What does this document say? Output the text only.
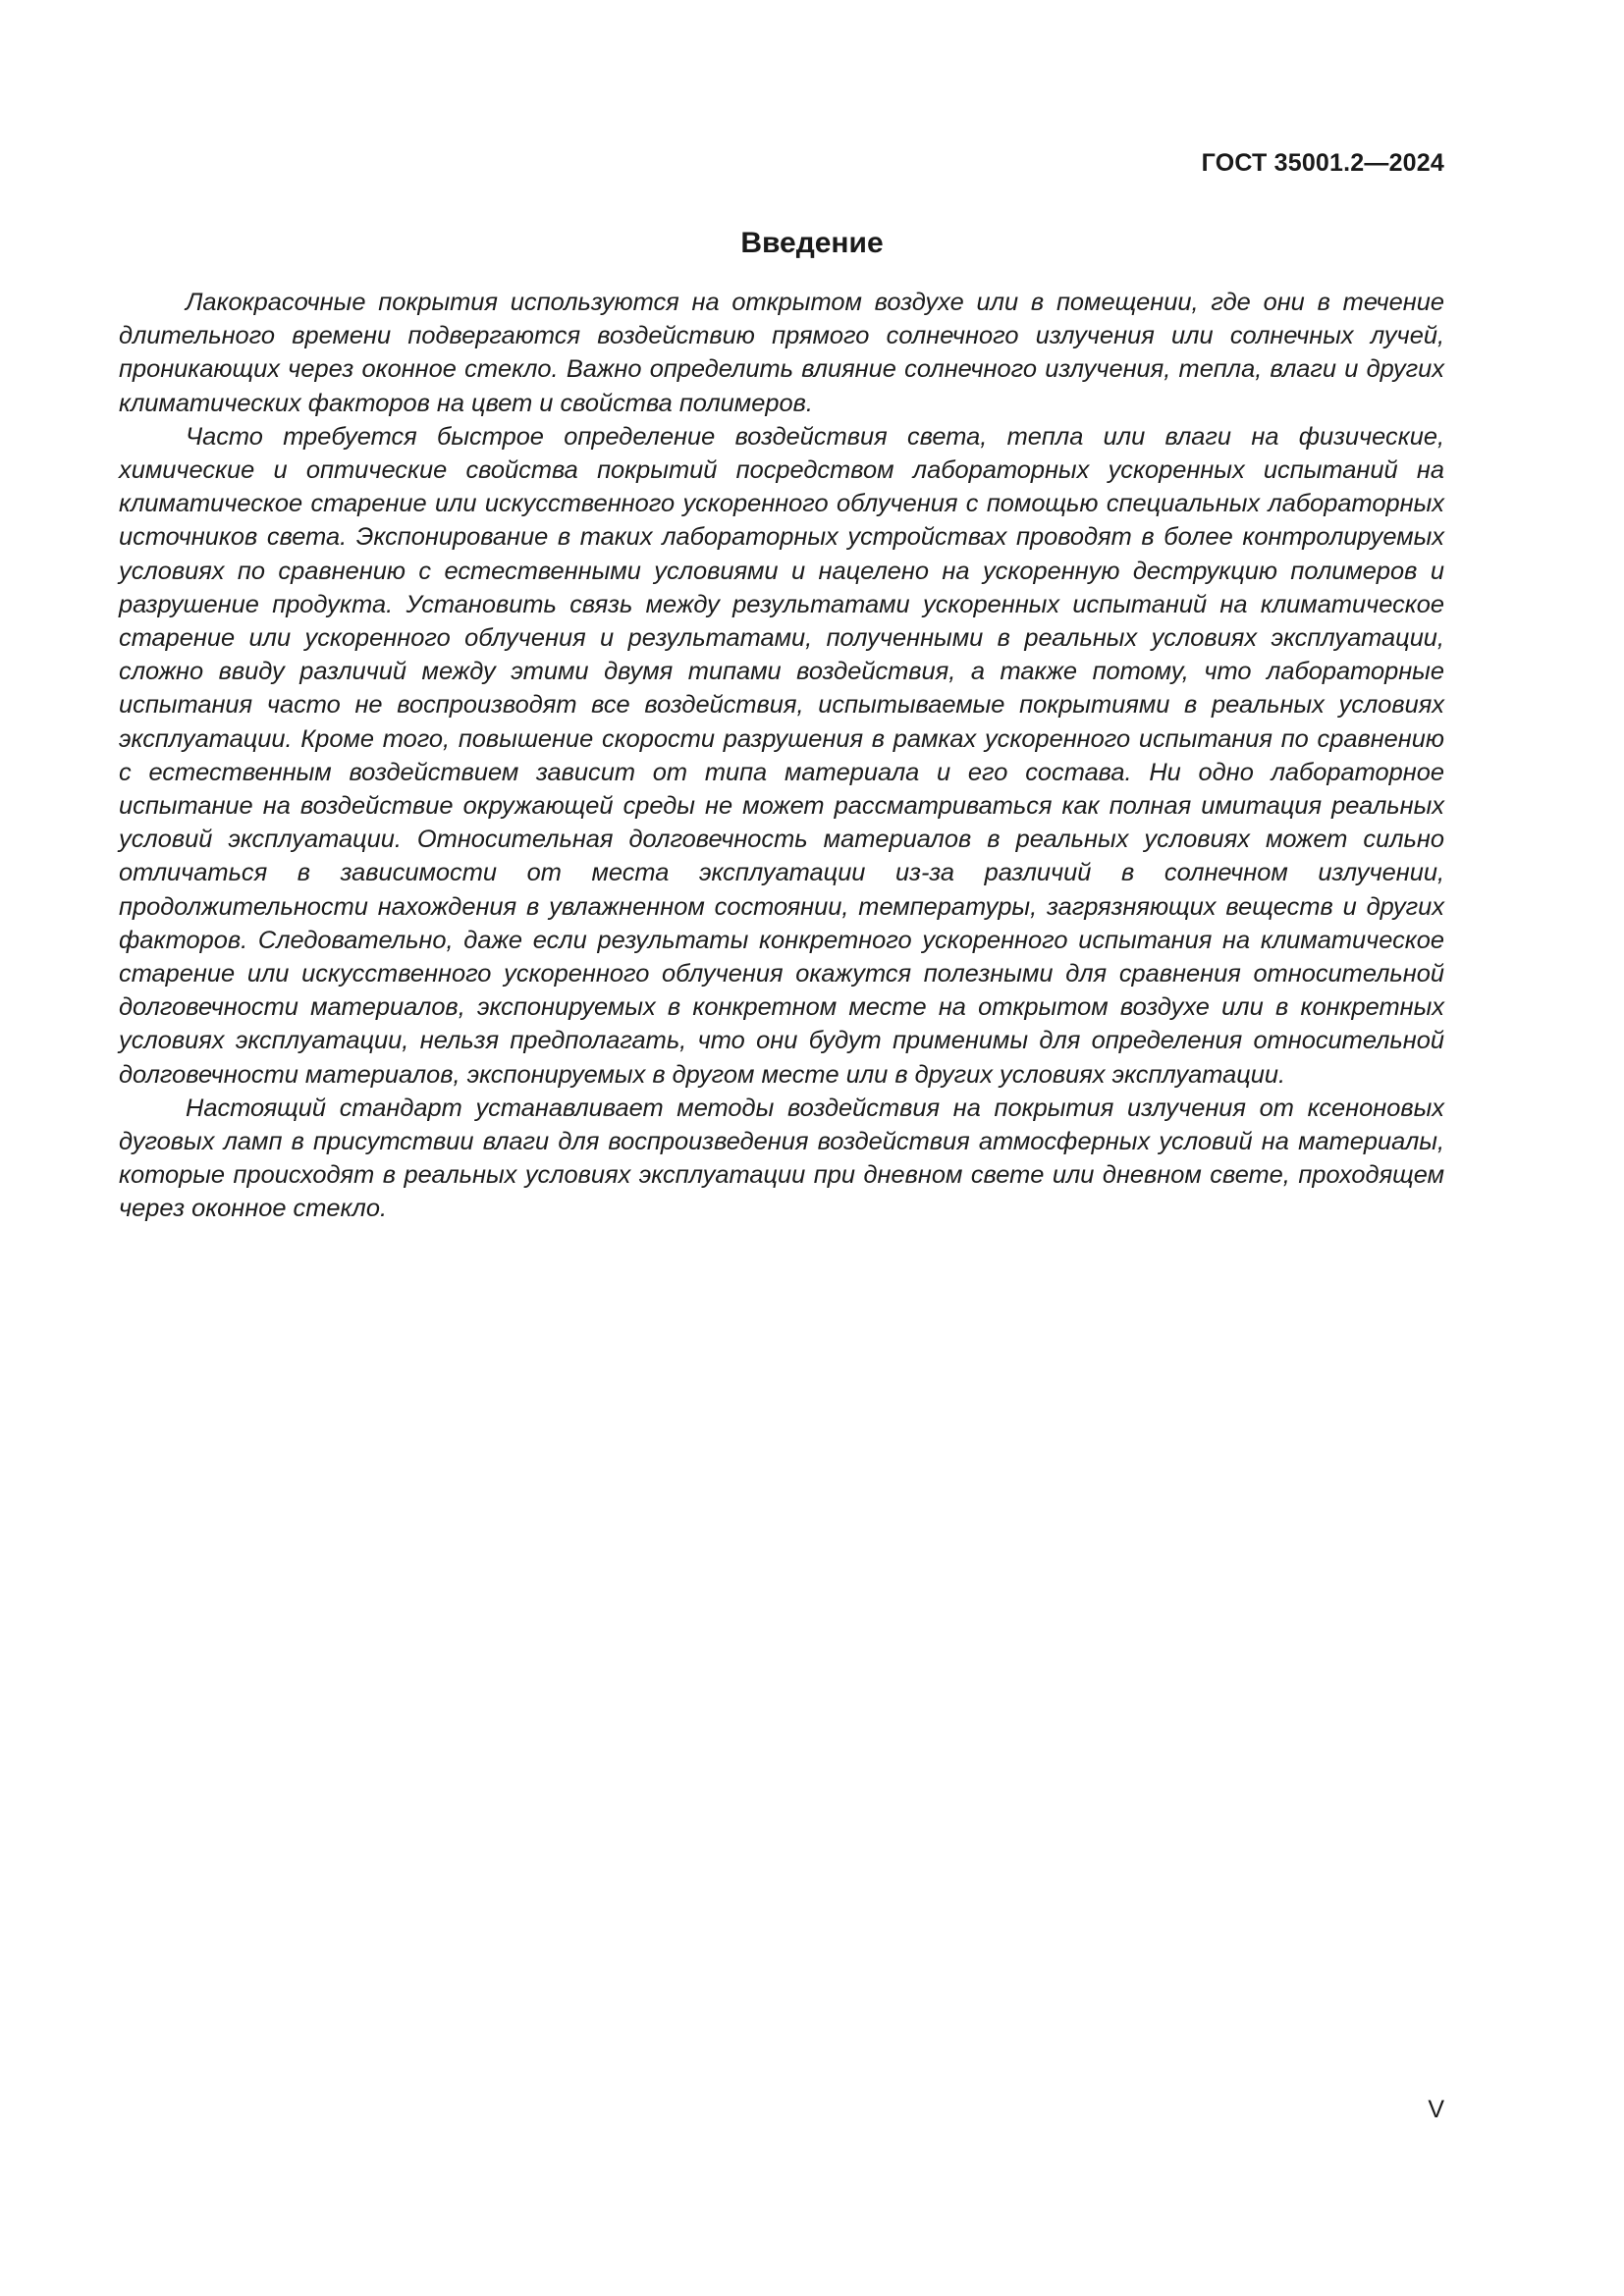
ГОСТ 35001.2—2024
Введение

Лакокрасочные покрытия используются на открытом воздухе или в помещении, где они в течение длительного времени подвергаются воздействию прямого солнечного излучения или солнечных лучей, проникающих через оконное стекло. Важно определить влияние солнечного излучения, тепла, влаги и других климатических факторов на цвет и свойства полимеров.

Часто требуется быстрое определение воздействия света, тепла или влаги на физические, химические и оптические свойства покрытий посредством лабораторных ускоренных испытаний на климатическое старение или искусственного ускоренного облучения с помощью специальных лабораторных источников света. Экспонирование в таких лабораторных устройствах проводят в более контролируемых условиях по сравнению с естественными условиями и нацелено на ускоренную деструкцию полимеров и разрушение продукта. Установить связь между результатами ускоренных испытаний на климатическое старение или ускоренного облучения и результатами, полученными в реальных условиях эксплуатации, сложно ввиду различий между этими двумя типами воздействия, а также потому, что лабораторные испытания часто не воспроизводят все воздействия, испытываемые покрытиями в реальных условиях эксплуатации. Кроме того, повышение скорости разрушения в рамках ускоренного испытания по сравнению с естественным воздействием зависит от типа материала и его состава. Ни одно лабораторное испытание на воздействие окружающей среды не может рассматриваться как полная имитация реальных условий эксплуатации. Относительная долговечность материалов в реальных условиях может сильно отличаться в зависимости от места эксплуатации из-за различий в солнечном излучении, продолжительности нахождения в увлажненном состоянии, температуры, загрязняющих веществ и других факторов. Следовательно, даже если результаты конкретного ускоренного испытания на климатическое старение или искусственного ускоренного облучения окажутся полезными для сравнения относительной долговечности материалов, экспонируемых в конкретном месте на открытом воздухе или в конкретных условиях эксплуатации, нельзя предполагать, что они будут применимы для определения относительной долговечности материалов, экспонируемых в другом месте или в других условиях эксплуатации.

Настоящий стандарт устанавливает методы воздействия на покрытия излучения от ксеноновых дуговых ламп в присутствии влаги для воспроизведения воздействия атмосферных условий на материалы, которые происходят в реальных условиях эксплуатации при дневном свете или дневном свете, проходящем через оконное стекло.

V
